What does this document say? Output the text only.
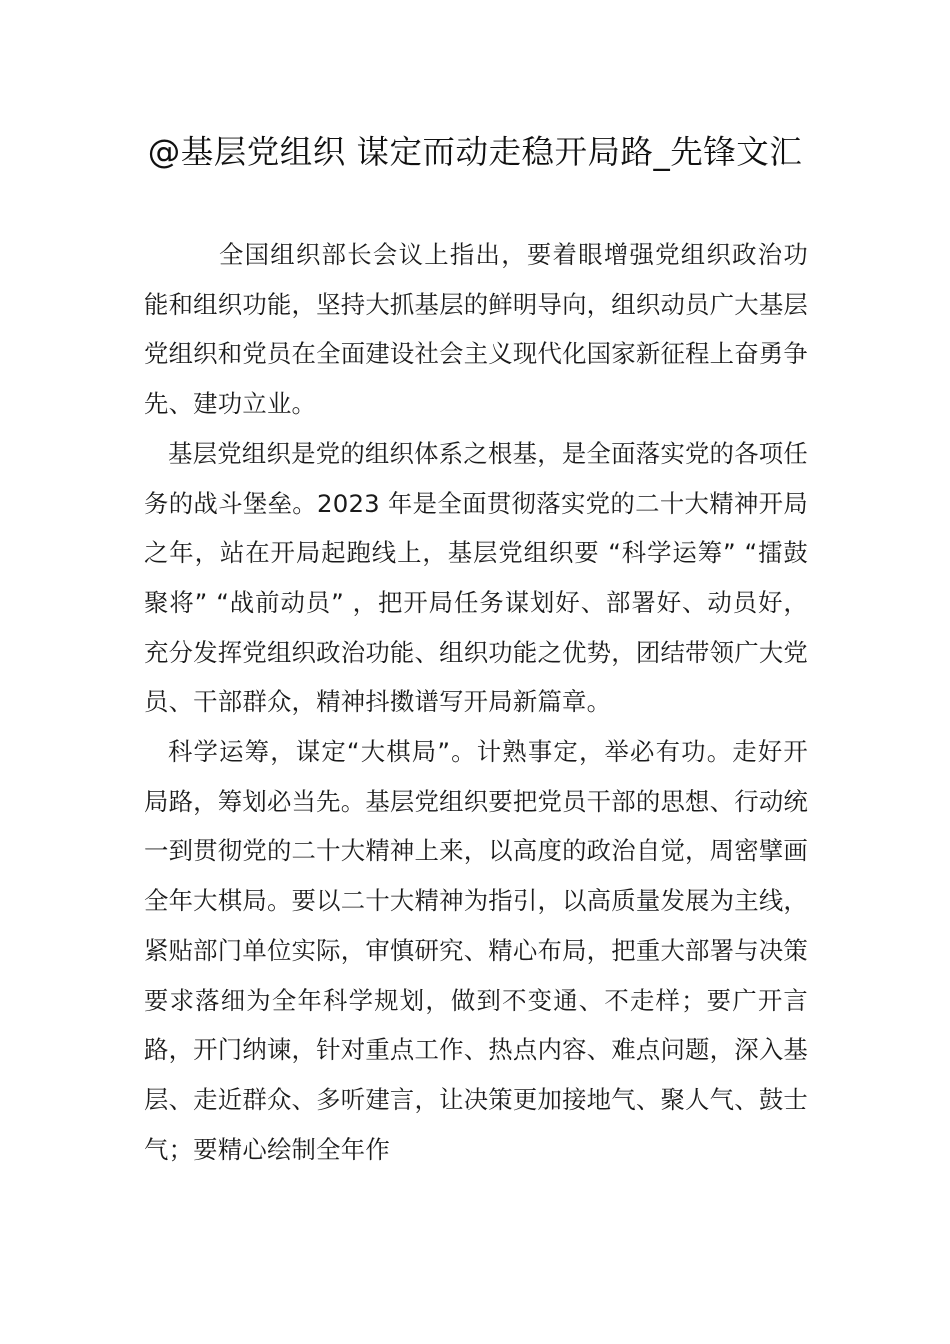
@基层党组织 谋定而动走稳开局路_先锋文汇

全国组织部长会议上指出，要着眼增强党组织政治功能和组织功能，坚持大抓基层的鲜明导向，组织动员广大基层党组织和党员在全面建设社会主义现代化国家新征程上奋勇争先、建功立业。

基层党组织是党的组织体系之根基，是全面落实党的各项任务的战斗堡垒。2023 年是全面贯彻落实党的二十大精神开局之年，站在开局起跑线上，基层党组织要 “科学运筹” “擂鼓聚将” “战前动员” ，把开局任务谋划好、部署好、动员好，充分发挥党组织政治功能、组织功能之优势，团结带领广大党员、干部群众，精神抖擞谱写开局新篇章。

科学运筹，谋定“大棋局”。计熟事定，举必有功。走好开局路，筹划必当先。基层党组织要把党员干部的思想、行动统一到贯彻党的二十大精神上来，以高度的政治自觉，周密擘画全年大棋局。要以二十大精神为指引，以高质量发展为主线，紧贴部门单位实际，审慎研究、精心布局，把重大部署与决策要求落细为全年科学规划，做到不变通、不走样；要广开言路，开门纳谏，针对重点工作、热点内容、难点问题，深入基层、走近群众、多听建言，让决策更加接地气、聚人气、鼓士气；要精心绘制全年作
